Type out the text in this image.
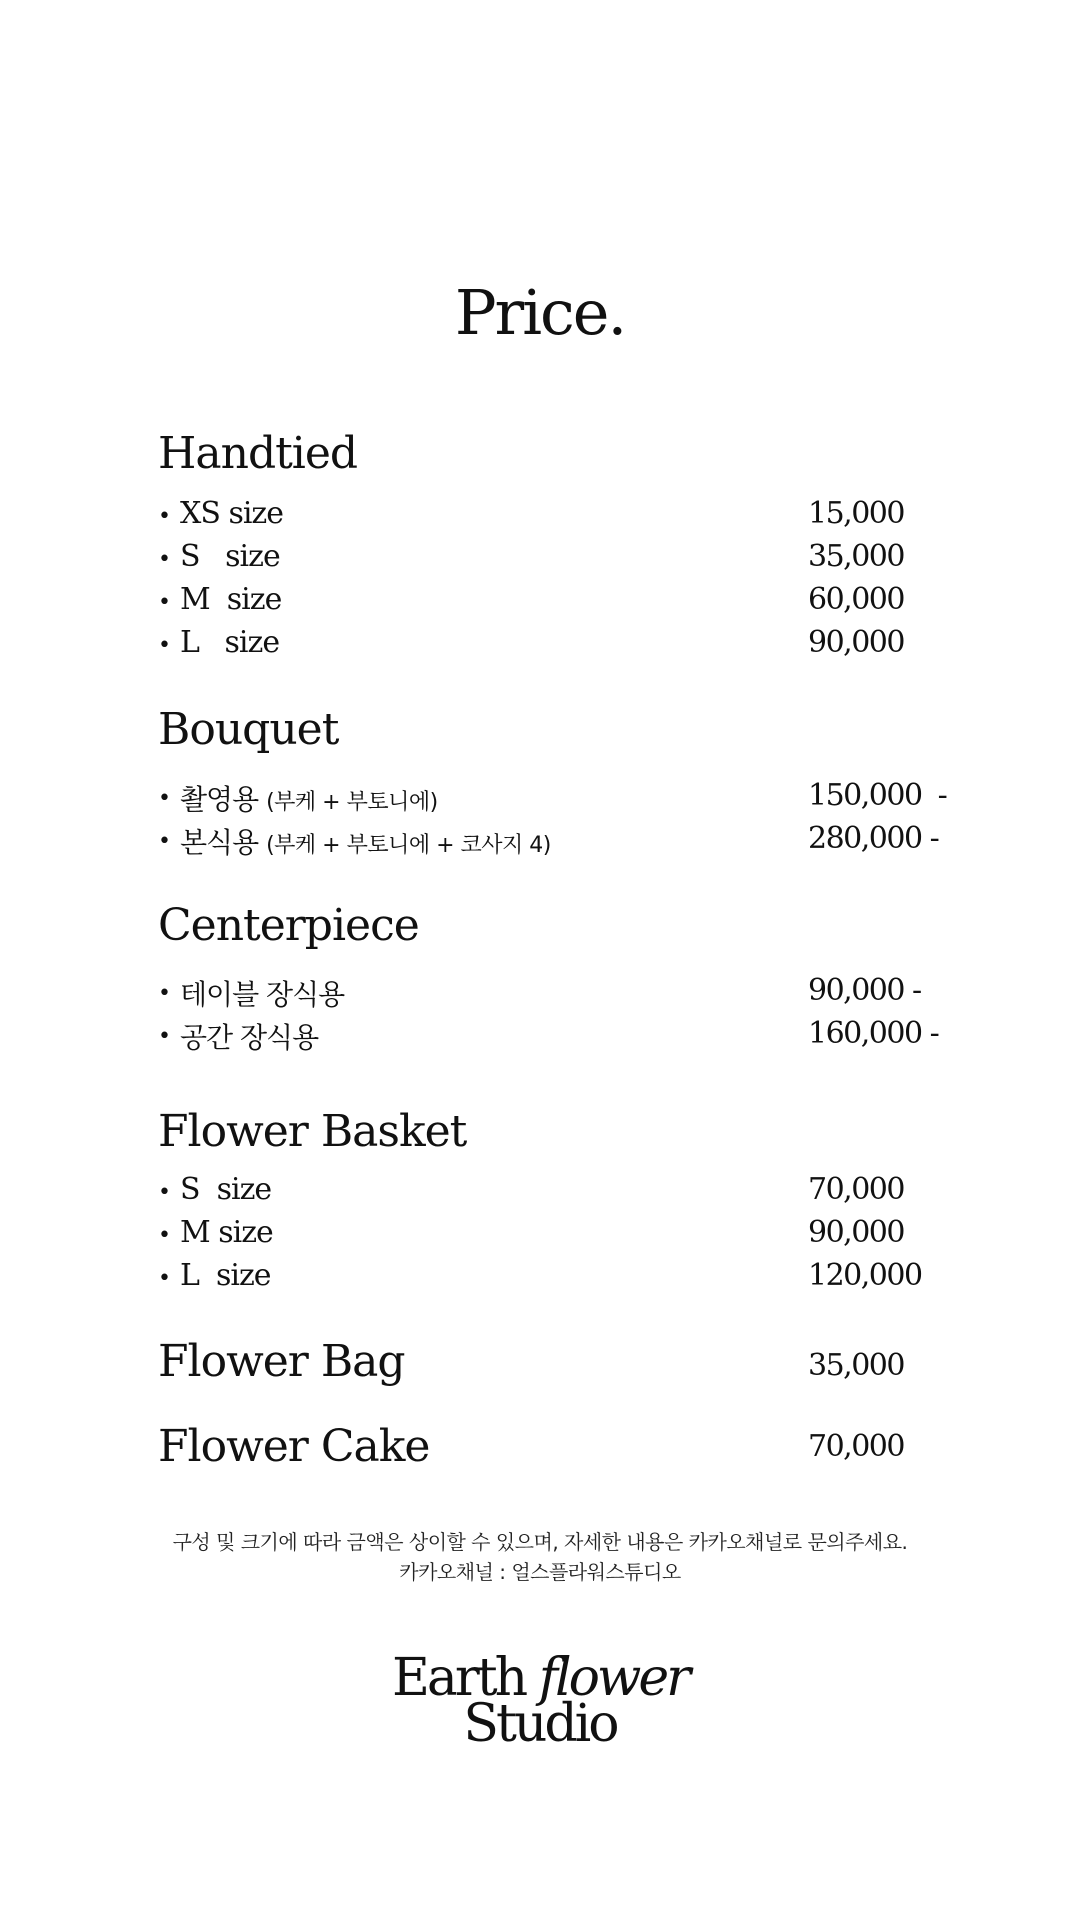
Price.
Handtied
• XS size	15,000
• S   size	35,000
• M  size	60,000
• L   size	90,000
Bouquet
• 촬영용 (부케 + 부토니에)	150,000  -
• 본식용 (부케 + 부토니에 + 코사지 4)	280,000 -
Centerpiece
• 테이블 장식용	90,000 -
• 공간 장식용	160,000 -
Flower Basket
• S  size	70,000
• M size	90,000
• L  size	120,000
Flower Bag	35,000
Flower Cake	70,000
구성 및 크기에 따라 금액은 상이할 수 있으며, 자세한 내용은 카카오채널로 문의주세요.
카카오채널 : 얼스플라워스튜디오
Earth flower
Studio
